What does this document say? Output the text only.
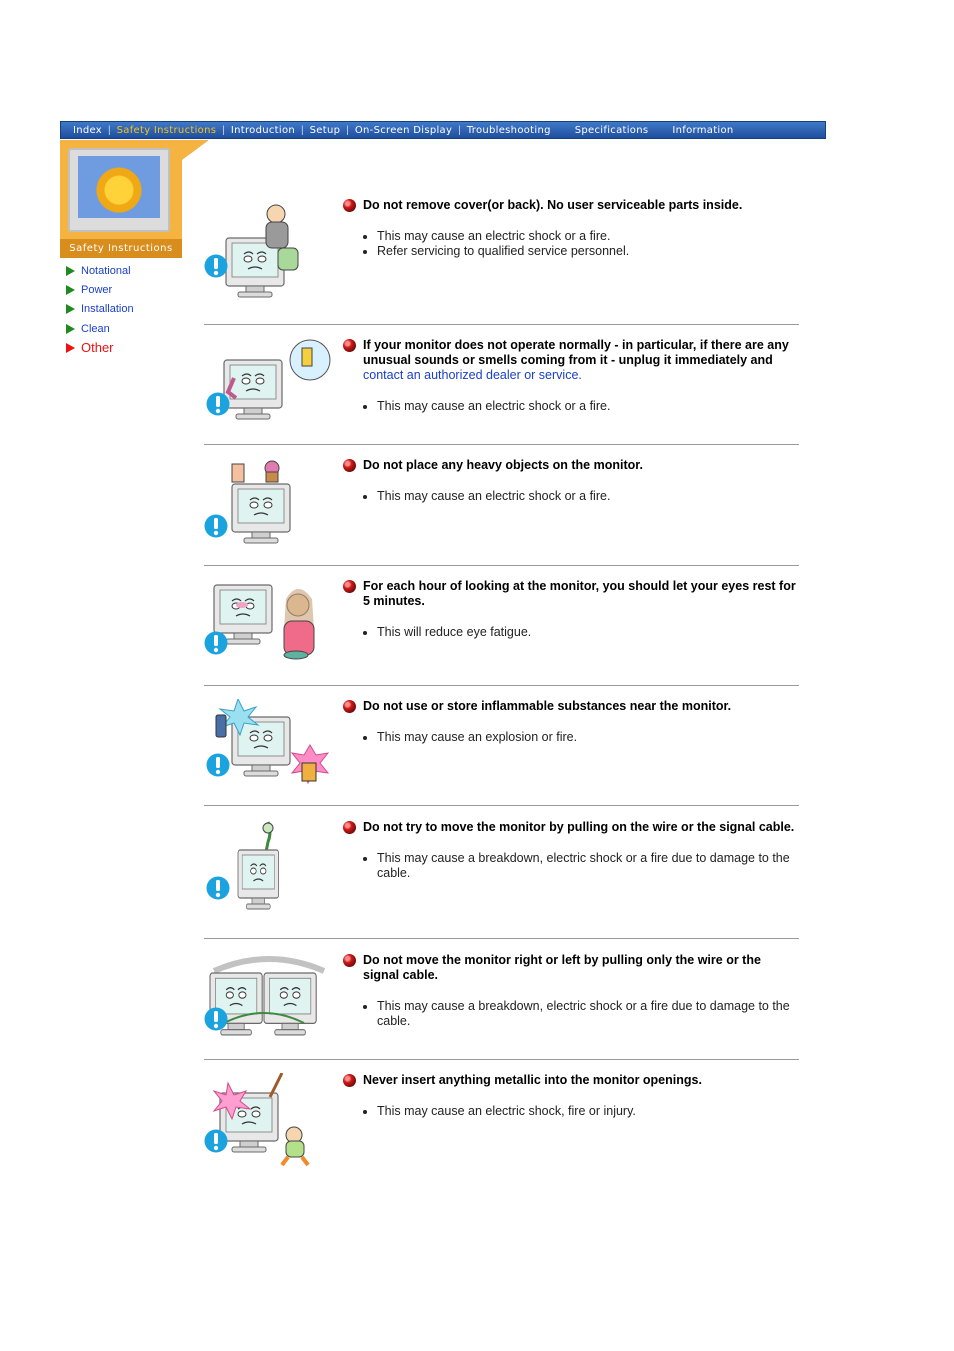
Index | Safety Instructions | Introduction | Setup | On-Screen Display | Troubleshooting Specifications Information
Safety Instructions
Notational
Power
Installation
Clean
Other
Do not remove cover(or back). No user serviceable parts inside.
• This may cause an electric shock or a fire.
• Refer servicing to qualified service personnel.
If your monitor does not operate normally - in particular, if there are any unusual sounds or smells coming from it - unplug it immediately and contact an authorized dealer or service.
• This may cause an electric shock or a fire.
Do not place any heavy objects on the monitor.
• This may cause an electric shock or a fire.
For each hour of looking at the monitor, you should let your eyes rest for 5 minutes.
• This will reduce eye fatigue.
Do not use or store inflammable substances near the monitor.
• This may cause an explosion or fire.
Do not try to move the monitor by pulling on the wire or the signal cable.
• This may cause a breakdown, electric shock or a fire due to damage to the cable.
Do not move the monitor right or left by pulling only the wire or the signal cable.
• This may cause a breakdown, electric shock or a fire due to damage to the cable.
Never insert anything metallic into the monitor openings.
• This may cause an electric shock, fire or injury.
